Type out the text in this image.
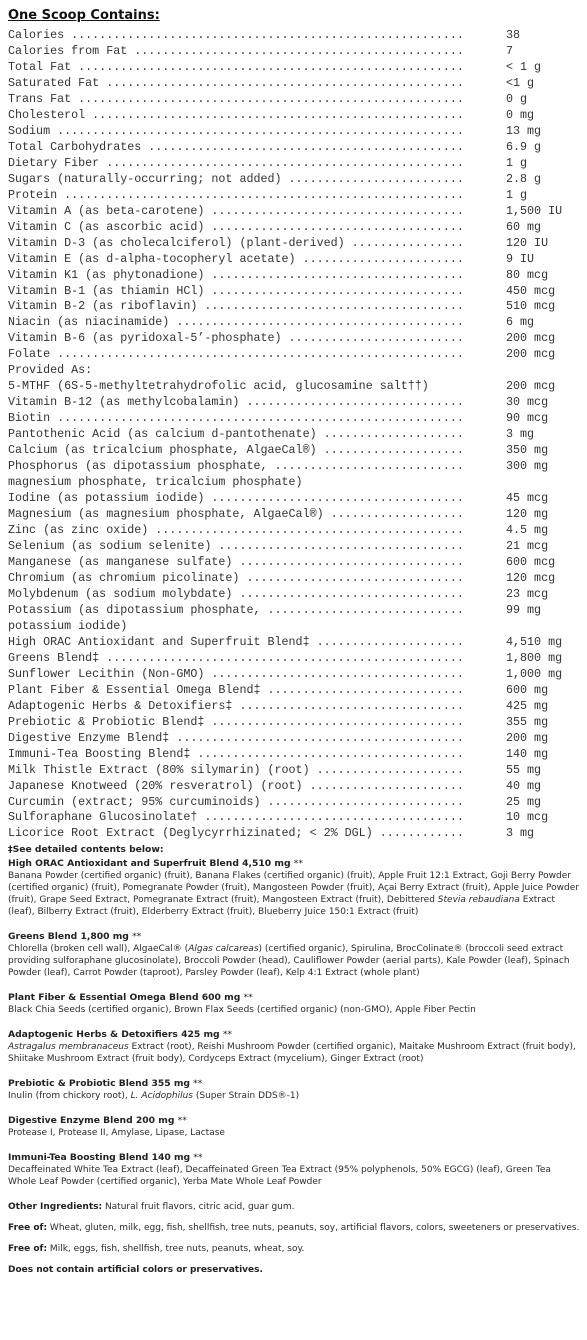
One Scoop Contains:
Calories ........................................................	38
Calories from Fat ...............................................	7
Total Fat .......................................................	< 1 g
Saturated Fat ...................................................	<1 g
Trans Fat .......................................................	0 g
Cholesterol .....................................................	0 mg
Sodium ..........................................................	13 mg
Total Carbohydrates .............................................	6.9 g
Dietary Fiber ...................................................	1 g
Sugars (naturally-occurring; not added) .........................	2.8 g
Protein .........................................................	1 g
Vitamin A (as beta-carotene) ....................................	1,500 IU
Vitamin C (as ascorbic acid) ....................................	60 mg
Vitamin D-3 (as cholecalciferol) (plant-derived) ................	120 IU
Vitamin E (as d-alpha-tocopheryl acetate) .......................	9 IU
Vitamin K1 (as phytonadione) ....................................	80 mcg
Vitamin B-1 (as thiamin HCl) ....................................	450 mcg
Vitamin B-2 (as riboflavin) .....................................	510 mcg
Niacin (as niacinamide) .........................................	6 mg
Vitamin B-6 (as pyridoxal-5’-phosphate) .........................	200 mcg
Folate ..........................................................	200 mcg
Provided As:
5-MTHF (6S-5-methyltetrahydrofolic acid, glucosamine salt††)	200 mcg
Vitamin B-12 (as methylcobalamin) ...............................	30 mcg
Biotin ..........................................................	90 mcg
Pantothenic Acid (as calcium d-pantothenate) ....................	3 mg
Calcium (as tricalcium phosphate, AlgaeCal®) ....................	350 mg
Phosphorus (as dipotassium phosphate, ...........................	300 mg
magnesium phosphate, tricalcium phosphate)
Iodine (as potassium iodide) ....................................	45 mcg
Magnesium (as magnesium phosphate, AlgaeCal®) ...................	120 mg
Zinc (as zinc oxide) ............................................	4.5 mg
Selenium (as sodium selenite) ...................................	21 mcg
Manganese (as manganese sulfate) ................................	600 mcg
Chromium (as chromium picolinate) ...............................	120 mcg
Molybdenum (as sodium molybdate) ................................	23 mcg
Potassium (as dipotassium phosphate, ............................	99 mg
potassium iodide)
High ORAC Antioxidant and Superfruit Blend‡ .....................	4,510 mg
Greens Blend‡ ...................................................	1,800 mg
Sunflower Lecithin (Non-GMO) ....................................	1,000 mg
Plant Fiber & Essential Omega Blend‡ ............................	600 mg
Adaptogenic Herbs & Detoxifiers‡ ................................	425 mg
Prebiotic & Probiotic Blend‡ ....................................	355 mg
Digestive Enzyme Blend‡ .........................................	200 mg
Immuni-Tea Boosting Blend‡ ......................................	140 mg
Milk Thistle Extract (80% silymarin) (root) .....................	55 mg
Japanese Knotweed (20% resveratrol) (root) ......................	40 mg
Curcumin (extract; 95% curcuminoids) ............................	25 mg
Sulforaphane Glucosinolate† .....................................	10 mcg
Licorice Root Extract (Deglycyrrhizinated; < 2% DGL) ............	3 mg
‡See detailed contents below:
High ORAC Antioxidant and Superfruit Blend 4,510 mg **
Banana Powder (certified organic) (fruit), Banana Flakes (certified organic) (fruit), Apple Fruit 12:1 Extract, Goji Berry Powder (certified organic) (fruit), Pomegranate Powder (fruit), Mangosteen Powder (fruit), Açai Berry Extract (fruit), Apple Juice Powder (fruit), Grape Seed Extract, Pomegranate Extract (fruit), Mangosteen Extract (fruit), Debittered Stevia rebaudiana Extract (leaf), Bilberry Extract (fruit), Elderberry Extract (fruit), Blueberry Juice 150:1 Extract (fruit)
Greens Blend 1,800 mg **
Chlorella (broken cell wall), AlgaeCal® (Algas calcareas) (certified organic), Spirulina, BrocColinate® (broccoli seed extract providing sulforaphane glucosinolate), Broccoli Powder (head), Cauliflower Powder (aerial parts), Kale Powder (leaf), Spinach Powder (leaf), Carrot Powder (taproot), Parsley Powder (leaf), Kelp 4:1 Extract (whole plant)
Plant Fiber & Essential Omega Blend 600 mg **
Black Chia Seeds (certified organic), Brown Flax Seeds (certified organic) (non-GMO), Apple Fiber Pectin
Adaptogenic Herbs & Detoxifiers 425 mg **
Astragalus membranaceus Extract (root), Reishi Mushroom Powder (certified organic), Maitake Mushroom Extract (fruit body), Shiitake Mushroom Extract (fruit body), Cordyceps Extract (mycelium), Ginger Extract (root)
Prebiotic & Probiotic Blend 355 mg **
Inulin (from chickory root), L. Acidophilus (Super Strain DDS®-1)
Digestive Enzyme Blend 200 mg **
Protease I, Protease II, Amylase, Lipase, Lactase
Immuni-Tea Boosting Blend 140 mg **
Decaffeinated White Tea Extract (leaf), Decaffeinated Green Tea Extract (95% polyphenols, 50% EGCG) (leaf), Green Tea Whole Leaf Powder (certified organic), Yerba Mate Whole Leaf Powder
Other Ingredients: Natural fruit flavors, citric acid, guar gum.
Free of: Wheat, gluten, milk, egg, fish, shellfish, tree nuts, peanuts, soy, artificial flavors, colors, sweeteners or preservatives.
Free of: Milk, eggs, fish, shellfish, tree nuts, peanuts, wheat, soy.
Does not contain artificial colors or preservatives.
